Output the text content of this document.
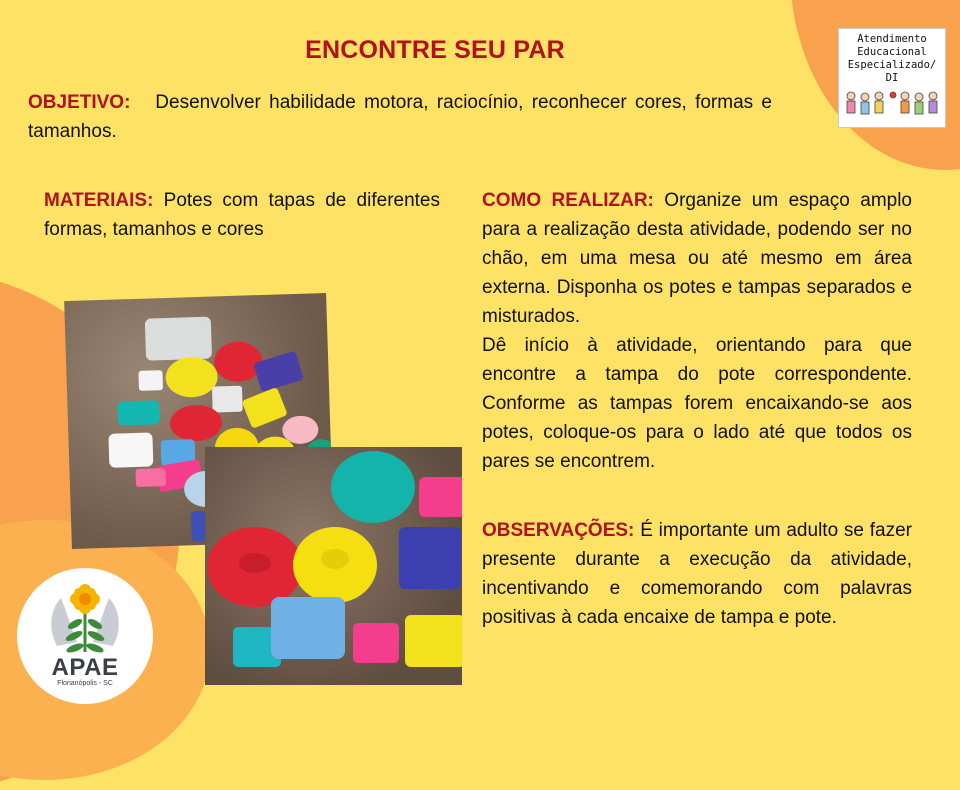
ENCONTRE SEU PAR
OBJETIVO: Desenvolver habilidade motora, raciocínio, reconhecer cores, formas e tamanhos.
MATERIAIS: Potes com tapas de diferentes formas, tamanhos e cores
COMO REALIZAR: Organize um espaço amplo para a realização desta atividade, podendo ser no chão, em uma mesa ou até mesmo em área externa. Disponha os potes e tampas separados e misturados.
Dê início à atividade, orientando para que encontre a tampa do pote correspondente. Conforme as tampas forem encaixando-se aos potes, coloque-os para o lado até que todos os pares se encontrem.
OBSERVAÇÕES: É importante um adulto se fazer presente durante a execução da atividade, incentivando e comemorando com palavras positivas à cada encaixe de tampa e pote.
Atendimento
Educacional
Especializado/ DI
APAE
Florianópolis - SC
